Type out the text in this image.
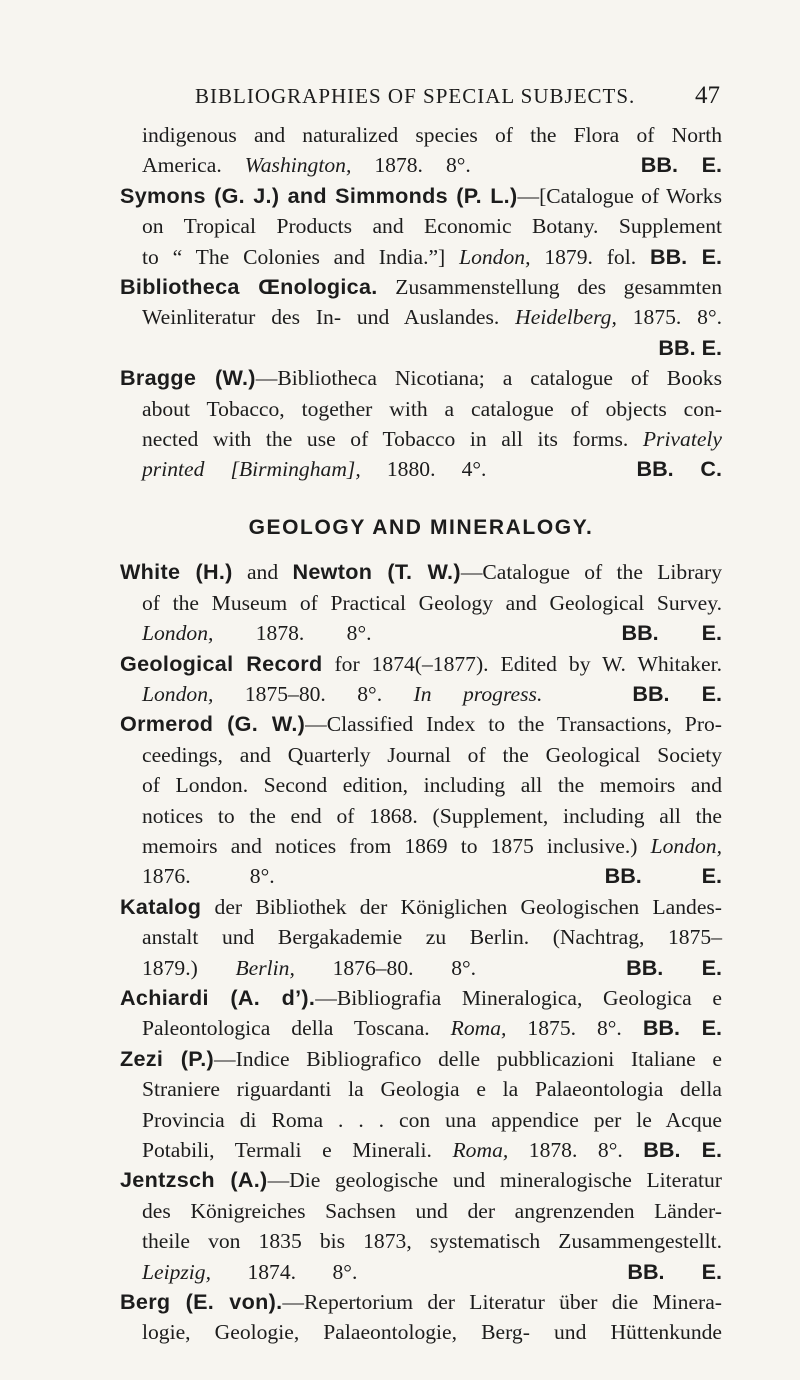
BIBLIOGRAPHIES OF SPECIAL SUBJECTS. 47
indigenous and naturalized species of the Flora of North
America. Washington, 1878. 8°.	BB. E.
Symons (G. J.) and Simmonds (P. L.)—[Catalogue of Works
on Tropical Products and Economic Botany. Supplement
to “ The Colonies and India.”] London, 1879. fol. BB. E.
Bibliotheca Œnologica. Zusammenstellung des gesammten
Weinliteratur des In- und Auslandes. Heidelberg, 1875. 8°.
BB. E.
Bragge (W.)—Bibliotheca Nicotiana; a catalogue of Books
about Tobacco, together with a catalogue of objects con-
nected with the use of Tobacco in all its forms. Privately
printed [Birmingham], 1880. 4°.	BB. C.
GEOLOGY AND MINERALOGY.
White (H.) and Newton (T. W.)—Catalogue of the Library
of the Museum of Practical Geology and Geological Survey.
London, 1878. 8°.	BB. E.
Geological Record for 1874(–1877). Edited by W. Whitaker.
London, 1875–80. 8°. In progress.	BB. E.
Ormerod (G. W.)—Classified Index to the Transactions, Pro-
ceedings, and Quarterly Journal of the Geological Society
of London. Second edition, including all the memoirs and
notices to the end of 1868. (Supplement, including all the
memoirs and notices from 1869 to 1875 inclusive.) London,
1876. 8°.	BB. E.
Katalog der Bibliothek der Königlichen Geologischen Landes-
anstalt und Bergakademie zu Berlin. (Nachtrag, 1875–
1879.) Berlin, 1876–80. 8°.	BB. E.
Achiardi (A. d’).—Bibliografia Mineralogica, Geologica e
Paleontologica della Toscana. Roma, 1875. 8°. BB. E.
Zezi (P.)—Indice Bibliografico delle pubblicazioni Italiane e
Straniere riguardanti la Geologia e la Palaeontologia della
Provincia di Roma . . . con una appendice per le Acque
Potabili, Termali e Minerali. Roma, 1878. 8°. BB. E.
Jentzsch (A.)—Die geologische und mineralogische Literatur
des Königreiches Sachsen und der angrenzenden Länder-
theile von 1835 bis 1873, systematisch Zusammengestellt.
Leipzig, 1874. 8°.	BB. E.
Berg (E. von).—Repertorium der Literatur über die Minera-
logie, Geologie, Palaeontologie, Berg- und Hüttenkunde
